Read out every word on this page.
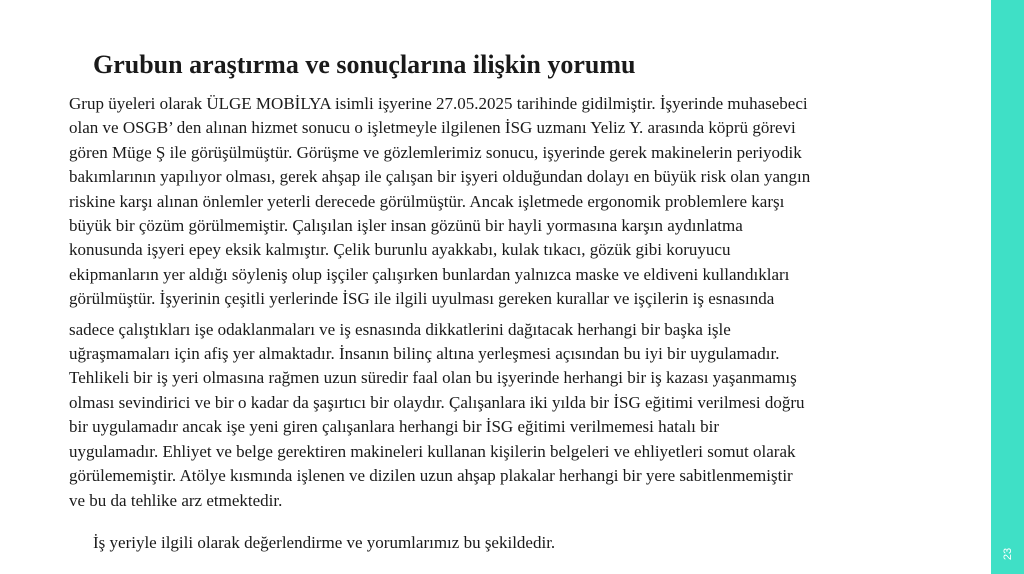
Grubun araştırma ve sonuçlarına ilişkin yorumu
Grup üyeleri olarak ÜLGE MOBİLYA isimli işyerine 27.05.2025 tarihinde gidilmiştir. İşyerinde muhasebeci
olan ve OSGB’ den alınan hizmet sonucu o işletmeyle ilgilenen İSG uzmanı Yeliz Y. arasında köprü görevi
gören Müge Ş ile görüşülmüştür. Görüşme ve gözlemlerimiz sonucu, işyerinde gerek makinelerin periyodik
bakımlarının yapılıyor olması, gerek ahşap ile çalışan bir işyeri olduğundan dolayı en büyük risk olan yangın
riskine karşı alınan önlemler yeterli derecede görülmüştür. Ancak işletmede ergonomik problemlere karşı
büyük bir çözüm görülmemiştir. Çalışılan işler insan gözünü bir hayli yormasına karşın aydınlatma
konusunda işyeri epey eksik kalmıştır. Çelik burunlu ayakkabı, kulak tıkacı, gözük gibi koruyucu
ekipmanların yer aldığı söyleniş olup işçiler çalışırken bunlardan yalnızca maske ve eldiveni kullandıkları
görülmüştür. İşyerinin çeşitli yerlerinde İSG ile ilgili uyulması gereken kurallar ve işçilerin iş esnasında
sadece çalıştıkları işe odaklanmaları ve iş esnasında dikkatlerini dağıtacak herhangi bir başka işle
uğraşmamaları için afiş yer almaktadır. İnsanın bilinç altına yerleşmesi açısından bu iyi bir uygulamadır.
Tehlikeli bir iş yeri olmasına rağmen uzun süredir faal olan bu işyerinde herhangi bir iş kazası yaşanmamış
olması sevindirici ve bir o kadar da şaşırtıcı bir olaydır. Çalışanlara iki yılda bir İSG eğitimi verilmesi doğru
bir uygulamadır ancak işe yeni giren çalışanlara herhangi bir İSG eğitimi verilmemesi hatalı bir
uygulamadır. Ehliyet ve belge gerektiren makineleri kullanan kişilerin belgeleri ve ehliyetleri somut olarak
görülememiştir. Atölye kısmında işlenen ve dizilen uzun ahşap plakalar herhangi bir yere sabitlenmemiştir
ve bu da tehlike arz etmektedir.

İş yeriyle ilgili olarak değerlendirme ve yorumlarımız bu şekildedir.

23
